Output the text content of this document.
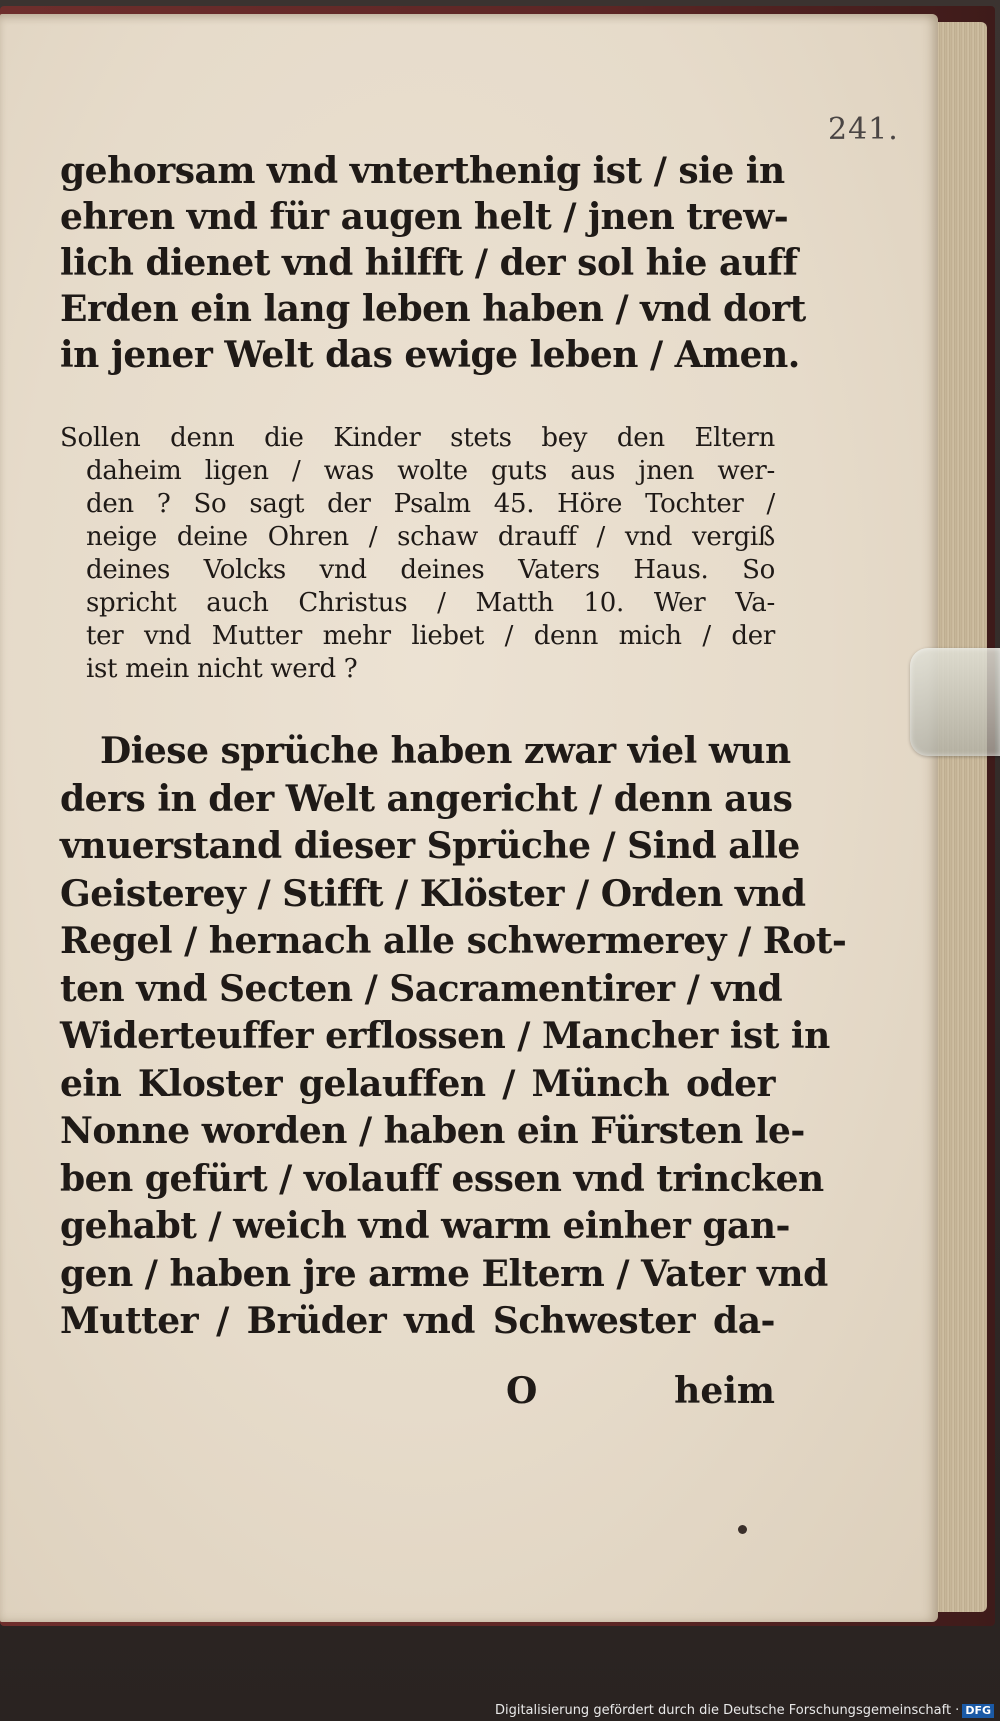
241.
gehorsam vnd vnterthenig ist / sie in
ehren vnd für augen helt / jnen trew-
lich dienet vnd hilfft / der sol hie auff
Erden ein lang leben haben / vnd dort
in jener Welt das ewige leben / Amen.
Sollen denn die Kinder stets bey den Eltern
daheim ligen / was wolte guts aus jnen wer-
den ? So sagt der Psalm 45. Höre Tochter /
neige deine Ohren / schaw drauff / vnd vergiß
deines Volcks vnd deines Vaters Haus. So
spricht auch Christus / Matth 10. Wer Va-
ter vnd Mutter mehr liebet / denn mich / der
ist mein nicht werd ?
Diese sprüche haben zwar viel wun
ders in der Welt angericht / denn aus
vnuerstand dieser Sprüche / Sind alle
Geisterey / Stifft / Klöster / Orden vnd
Regel / hernach alle schwermerey / Rot-
ten vnd Secten / Sacramentirer / vnd
Widerteuffer erflossen / Mancher ist in
ein Kloster gelauffen / Münch oder
Nonne worden / haben ein Fürsten le-
ben gefürt / volauff essen vnd trincken
gehabt / weich vnd warm einher gan-
gen / haben jre arme Eltern / Vater vnd
Mutter / Brüder vnd Schwester da-
O	heim
Digitalisierung gefördert durch die Deutsche Forschungsgemeinschaft · DFG
